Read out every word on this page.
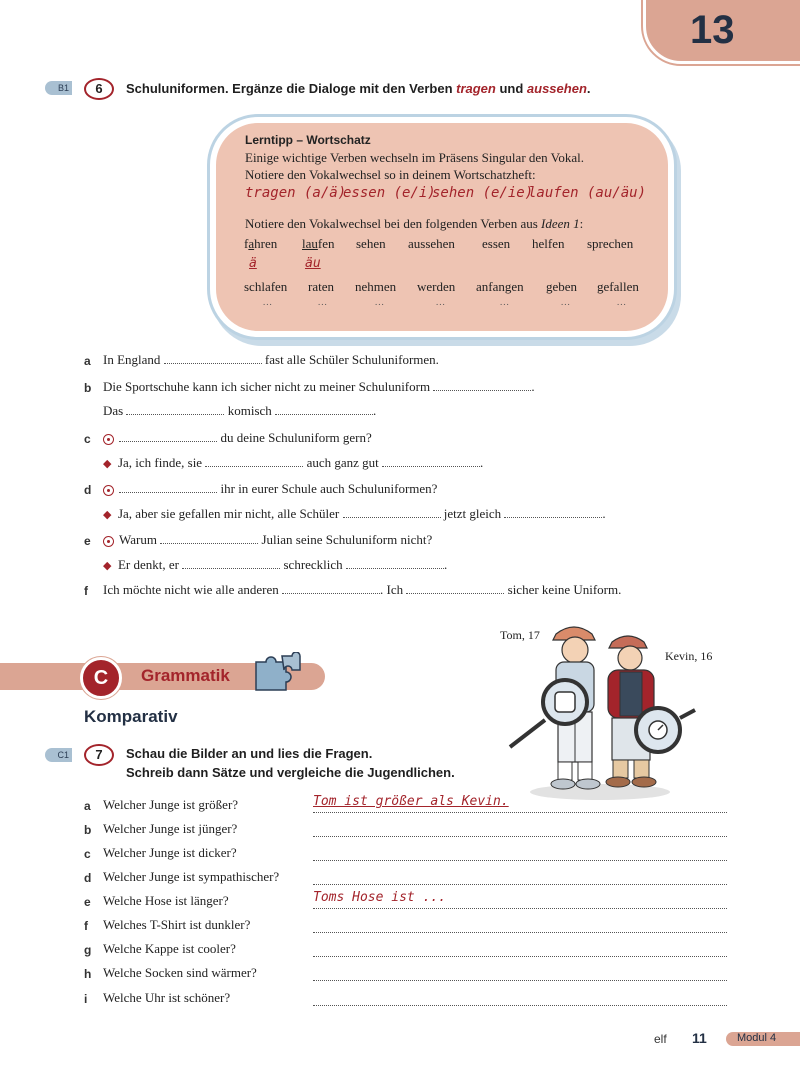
13
B1	6	Schuluniformen. Ergänze die Dialoge mit den Verben tragen und aussehen.
Lerntipp – Wortschatz
Einige wichtige Verben wechseln im Präsens Singular den Vokal.
Notiere den Vokalwechsel so in deinem Wortschatzheft:
tragen (a/ä)
essen (e/i)
sehen (e/ie)
laufen (au/äu)
Notiere den Vokalwechsel bei den folgenden Verben aus Ideen 1:
fahren laufen sehen aussehen essen helfen sprechen
ä	äu
schlafen raten nehmen werden anfangen geben gefallen
...	...	...	...	...	...	...
a In England	fast alle Schüler Schuluniformen.
b Die Sportschuhe kann ich sicher nicht zu meiner Schuluniform	.
Das	komisch	.
c	du deine Schuluniform gern?
◆ Ja, ich finde, sie	auch ganz gut	.
d	ihr in eurer Schule auch Schuluniformen?
◆ Ja, aber sie gefallen mir nicht, alle Schüler	jetzt gleich	.
e	Warum	Julian seine Schuluniform nicht?
◆ Er denkt, er	schrecklich	.
f Ich möchte nicht wie alle anderen	. Ich	sicher keine Uniform.
Tom, 17
Kevin, 16
C	Grammatik
Komparativ
C1	7	Schau die Bilder an und lies die Fragen.
Schreib dann Sätze und vergleiche die Jugendlichen.
a Welcher Junge ist größer?	Tom ist größer als Kevin.
b Welcher Junge ist jünger?
c Welcher Junge ist dicker?
d Welcher Junge ist sympathischer?
e Welche Hose ist länger?	Toms Hose ist ...
f Welches T-Shirt ist dunkler?
g Welche Kappe ist cooler?
h Welche Socken sind wärmer?
i Welche Uhr ist schöner?
elf 11	Modul 4
